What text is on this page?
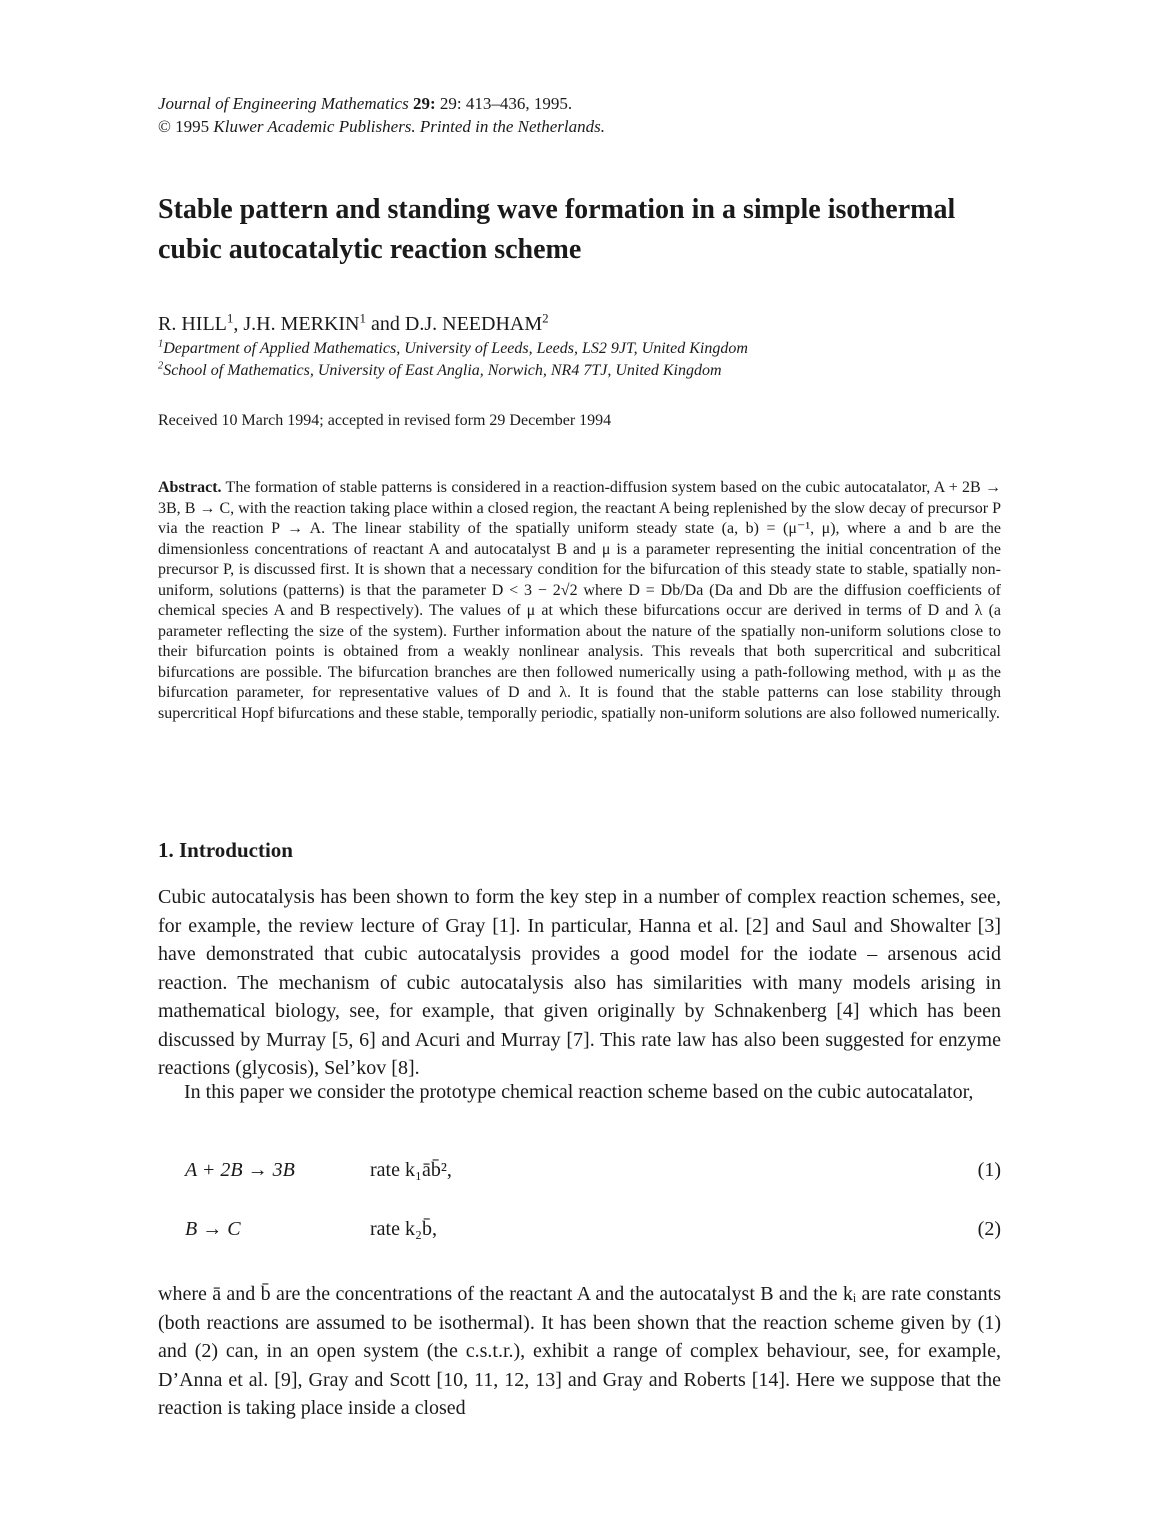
Journal of Engineering Mathematics 29: 29: 413–436, 1995.
© 1995 Kluwer Academic Publishers. Printed in the Netherlands.
Stable pattern and standing wave formation in a simple isothermal
cubic autocatalytic reaction scheme
R. HILL$^1$, J.H. MERKIN$^1$ and D.J. NEEDHAM$^2$
$^1$Department of Applied Mathematics, University of Leeds, Leeds, LS2 9JT, United Kingdom
$^2$School of Mathematics, University of East Anglia, Norwich, NR4 7TJ, United Kingdom
Received 10 March 1994; accepted in revised form 29 December 1994

Abstract. The formation of stable patterns is considered in a reaction-diffusion system based on the cubic autocatalator, A + 2B → 3B, B → C, with the reaction taking place within a closed region, the reactant A being replenished by the slow decay of precursor P via the reaction P → A. The linear stability of the spatially uniform steady state (a, b) = (μ⁻¹, μ), where a and b are the dimensionless concentrations of reactant A and autocatalyst B and μ is a parameter representing the initial concentration of the precursor P, is discussed first. It is shown that a necessary condition for the bifurcation of this steady state to stable, spatially non-uniform, solutions (patterns) is that the parameter D < 3 − 2√2 where D = Db/Da (Da and Db are the diffusion coefficients of chemical species A and B respectively). The values of μ at which these bifurcations occur are derived in terms of D and λ (a parameter reflecting the size of the system). Further information about the nature of the spatially non-uniform solutions close to their bifurcation points is obtained from a weakly nonlinear analysis. This reveals that both supercritical and subcritical bifurcations are possible. The bifurcation branches are then followed numerically using a path-following method, with μ as the bifurcation parameter, for representative values of D and λ. It is found that the stable patterns can lose stability through supercritical Hopf bifurcations and these stable, temporally periodic, spatially non-uniform solutions are also followed numerically.

1. Introduction

Cubic autocatalysis has been shown to form the key step in a number of complex reaction schemes, see, for example, the review lecture of Gray [1]. In particular, Hanna et al. [2] and Saul and Showalter [3] have demonstrated that cubic autocatalysis provides a good model for the iodate – arsenous acid reaction. The mechanism of cubic autocatalysis also has similarities with many models arising in mathematical biology, see, for example, that given originally by Schnakenberg [4] which has been discussed by Murray [5, 6] and Acuri and Murray [7]. This rate law has also been suggested for enzyme reactions (glycosis), Sel’kov [8].

In this paper we consider the prototype chemical reaction scheme based on the cubic autocatalator,

A + 2B → 3B	rate k₁āb̄²,	(1)
B → C	rate k₂b̄,	(2)

where ā and b̄ are the concentrations of the reactant A and the autocatalyst B and the kᵢ are rate constants (both reactions are assumed to be isothermal). It has been shown that the reaction scheme given by (1) and (2) can, in an open system (the c.s.t.r.), exhibit a range of complex behaviour, see, for example, D’Anna et al. [9], Gray and Scott [10, 11, 12, 13] and Gray and Roberts [14]. Here we suppose that the reaction is taking place inside a closed
